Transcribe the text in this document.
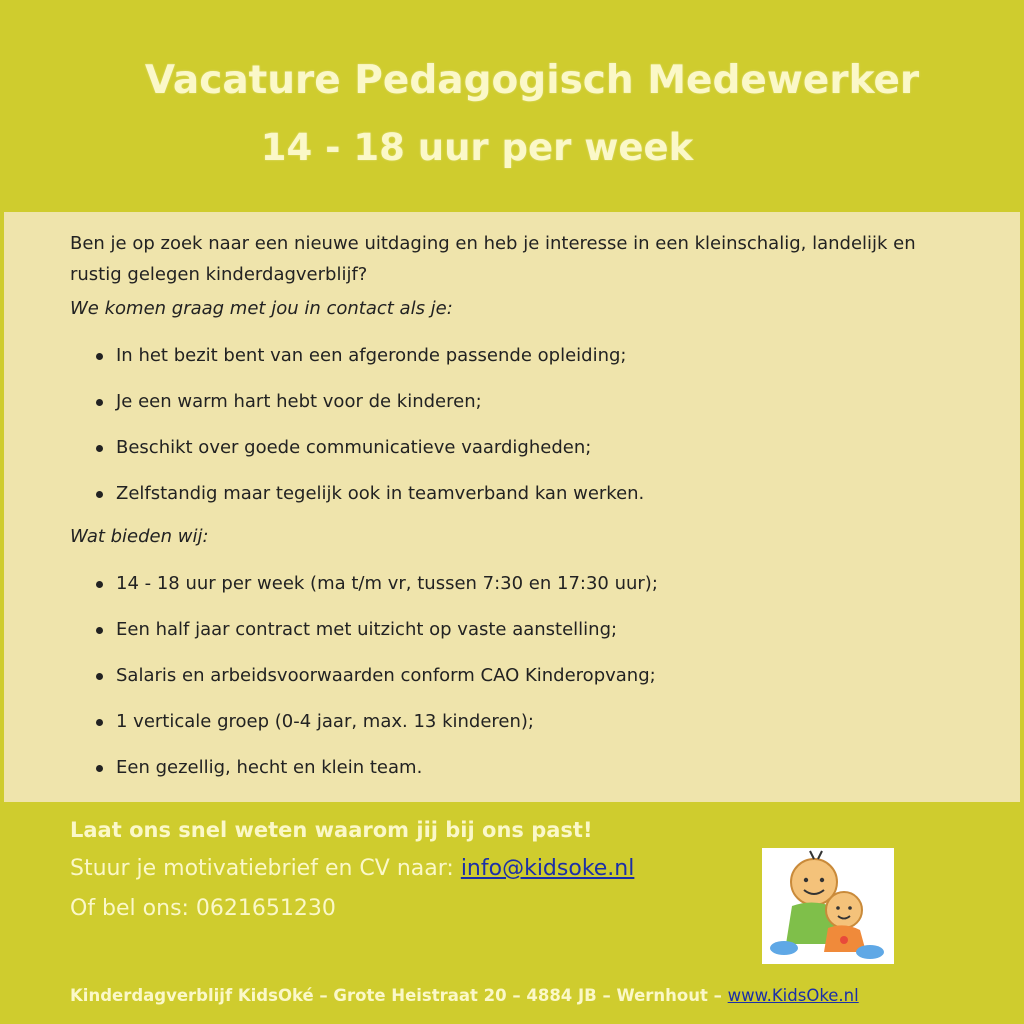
Vacature Pedagogisch Medewerker
14 - 18 uur per week

Ben je op zoek naar een nieuwe uitdaging en heb je interesse in een kleinschalig, landelijk en rustig gelegen kinderdagverblijf?

We komen graag met jou in contact als je:

In het bezit bent van een afgeronde passende opleiding;
Je een warm hart hebt voor de kinderen;
Beschikt over goede communicatieve vaardigheden;
Zelfstandig maar tegelijk ook in teamverband kan werken.

Wat bieden wij:

14 - 18 uur per week (ma t/m vr, tussen 7:30 en 17:30 uur);
Een half jaar contract met uitzicht op vaste aanstelling;
Salaris en arbeidsvoorwaarden conform CAO Kinderopvang;
1 verticale groep (0-4 jaar, max. 13 kinderen);
Een gezellig, hecht en klein team.

Laat ons snel weten waarom jij bij ons past!

Stuur je motivatiebrief en CV naar: info@kidsoke.nl

Of bel ons: 0621651230

Kinderdagverblijf KidsOké – Grote Heistraat 20 – 4884 JB – Wernhout – www.KidsOke.nl
